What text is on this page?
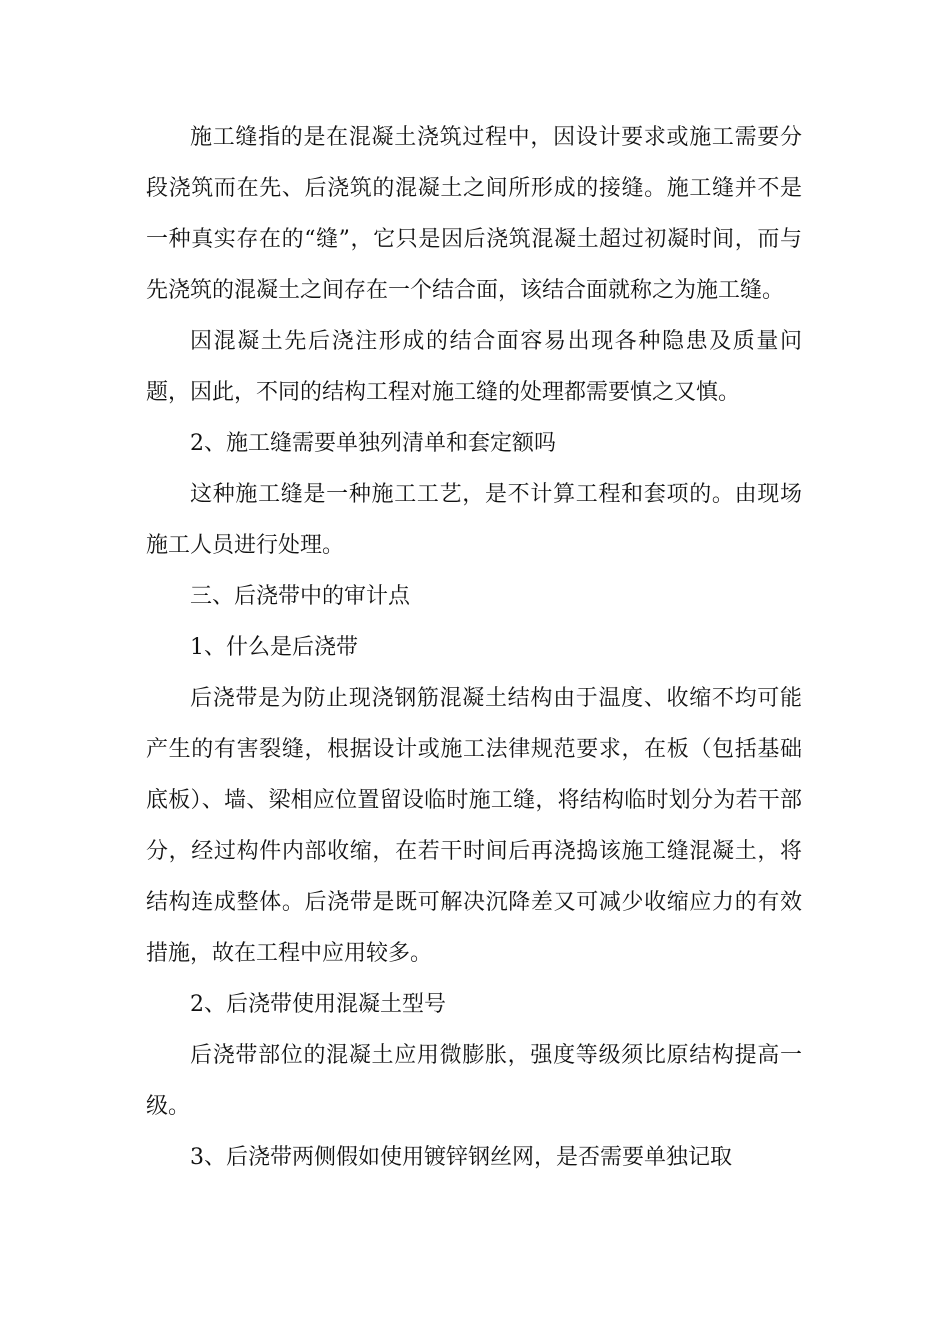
施工缝指的是在混凝土浇筑过程中，因设计要求或施工需要分段浇筑而在先、后浇筑的混凝土之间所形成的接缝。施工缝并不是一种真实存在的“缝”，它只是因后浇筑混凝土超过初凝时间，而与先浇筑的混凝土之间存在一个结合面，该结合面就称之为施工缝。

因混凝土先后浇注形成的结合面容易出现各种隐患及质量问题，因此，不同的结构工程对施工缝的处理都需要慎之又慎。

2、施工缝需要单独列清单和套定额吗

这种施工缝是一种施工工艺，是不计算工程和套项的。由现场施工人员进行处理。

三、后浇带中的审计点

1、什么是后浇带

后浇带是为防止现浇钢筋混凝土结构由于温度、收缩不均可能产生的有害裂缝，根据设计或施工法律规范要求，在板（包括基础底板）、墙、梁相应位置留设临时施工缝，将结构临时划分为若干部分，经过构件内部收缩，在若干时间后再浇捣该施工缝混凝土，将结构连成整体。后浇带是既可解决沉降差又可减少收缩应力的有效措施，故在工程中应用较多。

2、后浇带使用混凝土型号

后浇带部位的混凝土应用微膨胀，强度等级须比原结构提高一级。

3、后浇带两侧假如使用镀锌钢丝网，是否需要单独记取
